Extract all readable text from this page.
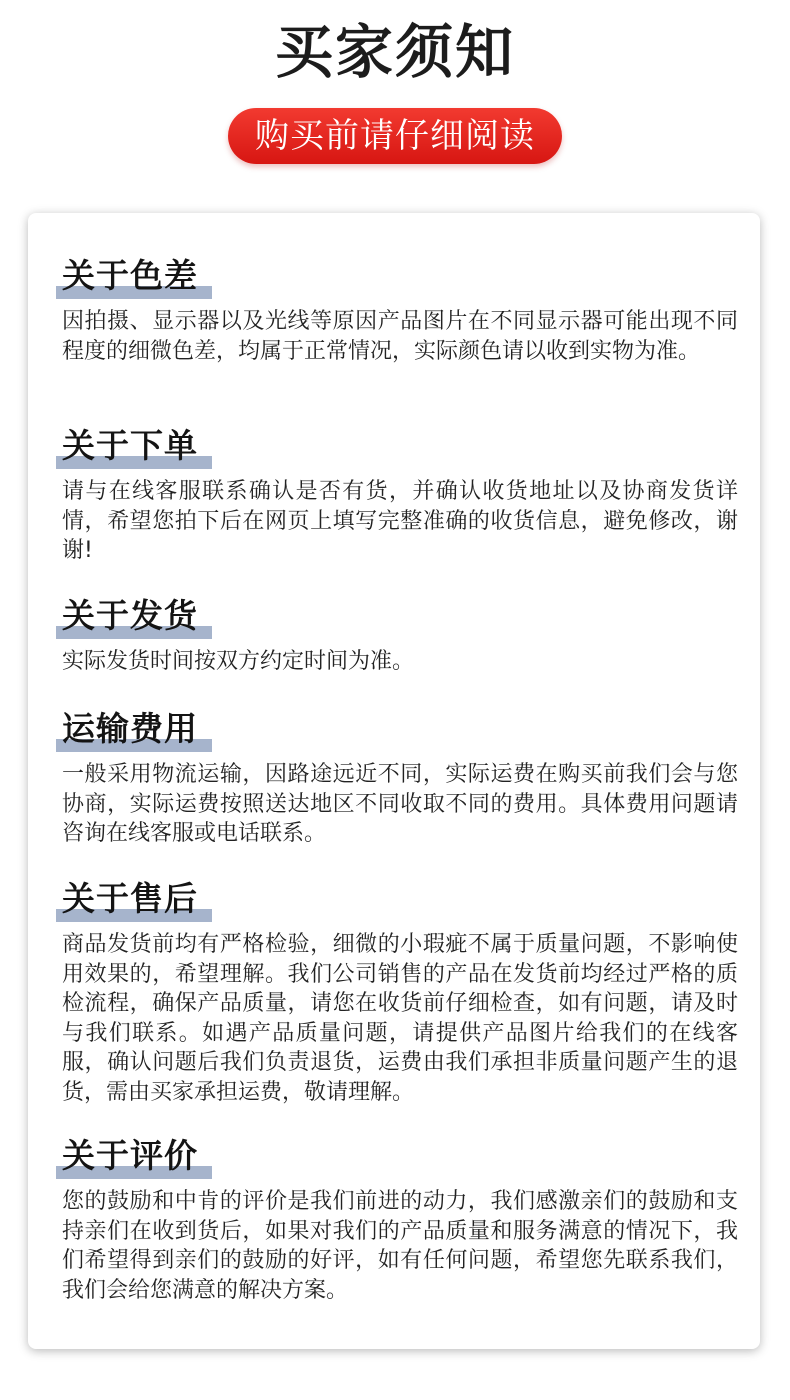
买家须知
购买前请仔细阅读
关于色差
因拍摄、显示器以及光线等原因产品图片在不同显示器可能出现不同程度的细微色差，均属于正常情况，实际颜色请以收到实物为准。
关于下单
请与在线客服联系确认是否有货，并确认收货地址以及协商发货详情，希望您拍下后在网页上填写完整准确的收货信息，避免修改，谢谢!
关于发货
实际发货时间按双方约定时间为准。
运输费用
一般采用物流运输，因路途远近不同，实际运费在购买前我们会与您协商，实际运费按照送达地区不同收取不同的费用。具体费用问题请咨询在线客服或电话联系。
关于售后
商品发货前均有严格检验，细微的小瑕疵不属于质量问题，不影响使用效果的，希望理解。我们公司销售的产品在发货前均经过严格的质检流程，确保产品质量，请您在收货前仔细检查，如有问题，请及时与我们联系。如遇产品质量问题，请提供产品图片给我们的在线客服，确认问题后我们负责退货，运费由我们承担非质量问题产生的退货，需由买家承担运费，敬请理解。
关于评价
您的鼓励和中肯的评价是我们前进的动力，我们感激亲们的鼓励和支持亲们在收到货后，如果对我们的产品质量和服务满意的情况下，我们希望得到亲们的鼓励的好评，如有任何问题，希望您先联系我们，我们会给您满意的解决方案。
